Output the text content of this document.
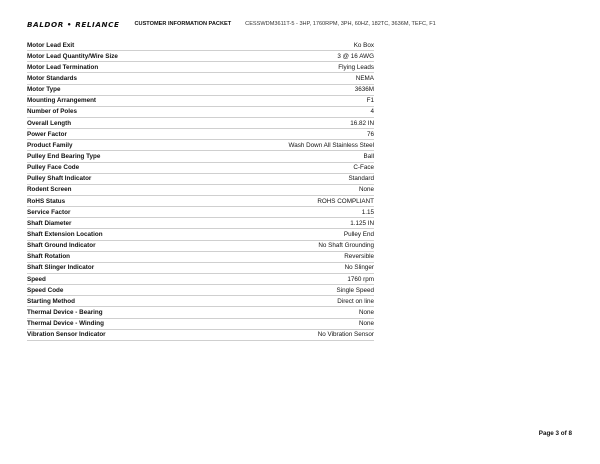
BALDOR • RELIANCE	CUSTOMER INFORMATION PACKET	CESSWDM3611T-5 - 3HP, 1760RPM, 3PH, 60HZ, 182TC, 3636M, TEFC, F1
Motor Lead Exit	Ko Box
Motor Lead Quantity/Wire Size	3 @ 16 AWG
Motor Lead Termination	Flying Leads
Motor Standards	NEMA
Motor Type	3636M
Mounting Arrangement	F1
Number of Poles	4
Overall Length	16.82 IN
Power Factor	76
Product Family	Wash Down All Stainless Steel
Pulley End Bearing Type	Ball
Pulley Face Code	C-Face
Pulley Shaft Indicator	Standard
Rodent Screen	None
RoHS Status	ROHS COMPLIANT
Service Factor	1.15
Shaft Diameter	1.125 IN
Shaft Extension Location	Pulley End
Shaft Ground Indicator	No Shaft Grounding
Shaft Rotation	Reversible
Shaft Slinger Indicator	No Slinger
Speed	1760 rpm
Speed Code	Single Speed
Starting Method	Direct on line
Thermal Device - Bearing	None
Thermal Device - Winding	None
Vibration Sensor Indicator	No Vibration Sensor
Page 3 of 8
